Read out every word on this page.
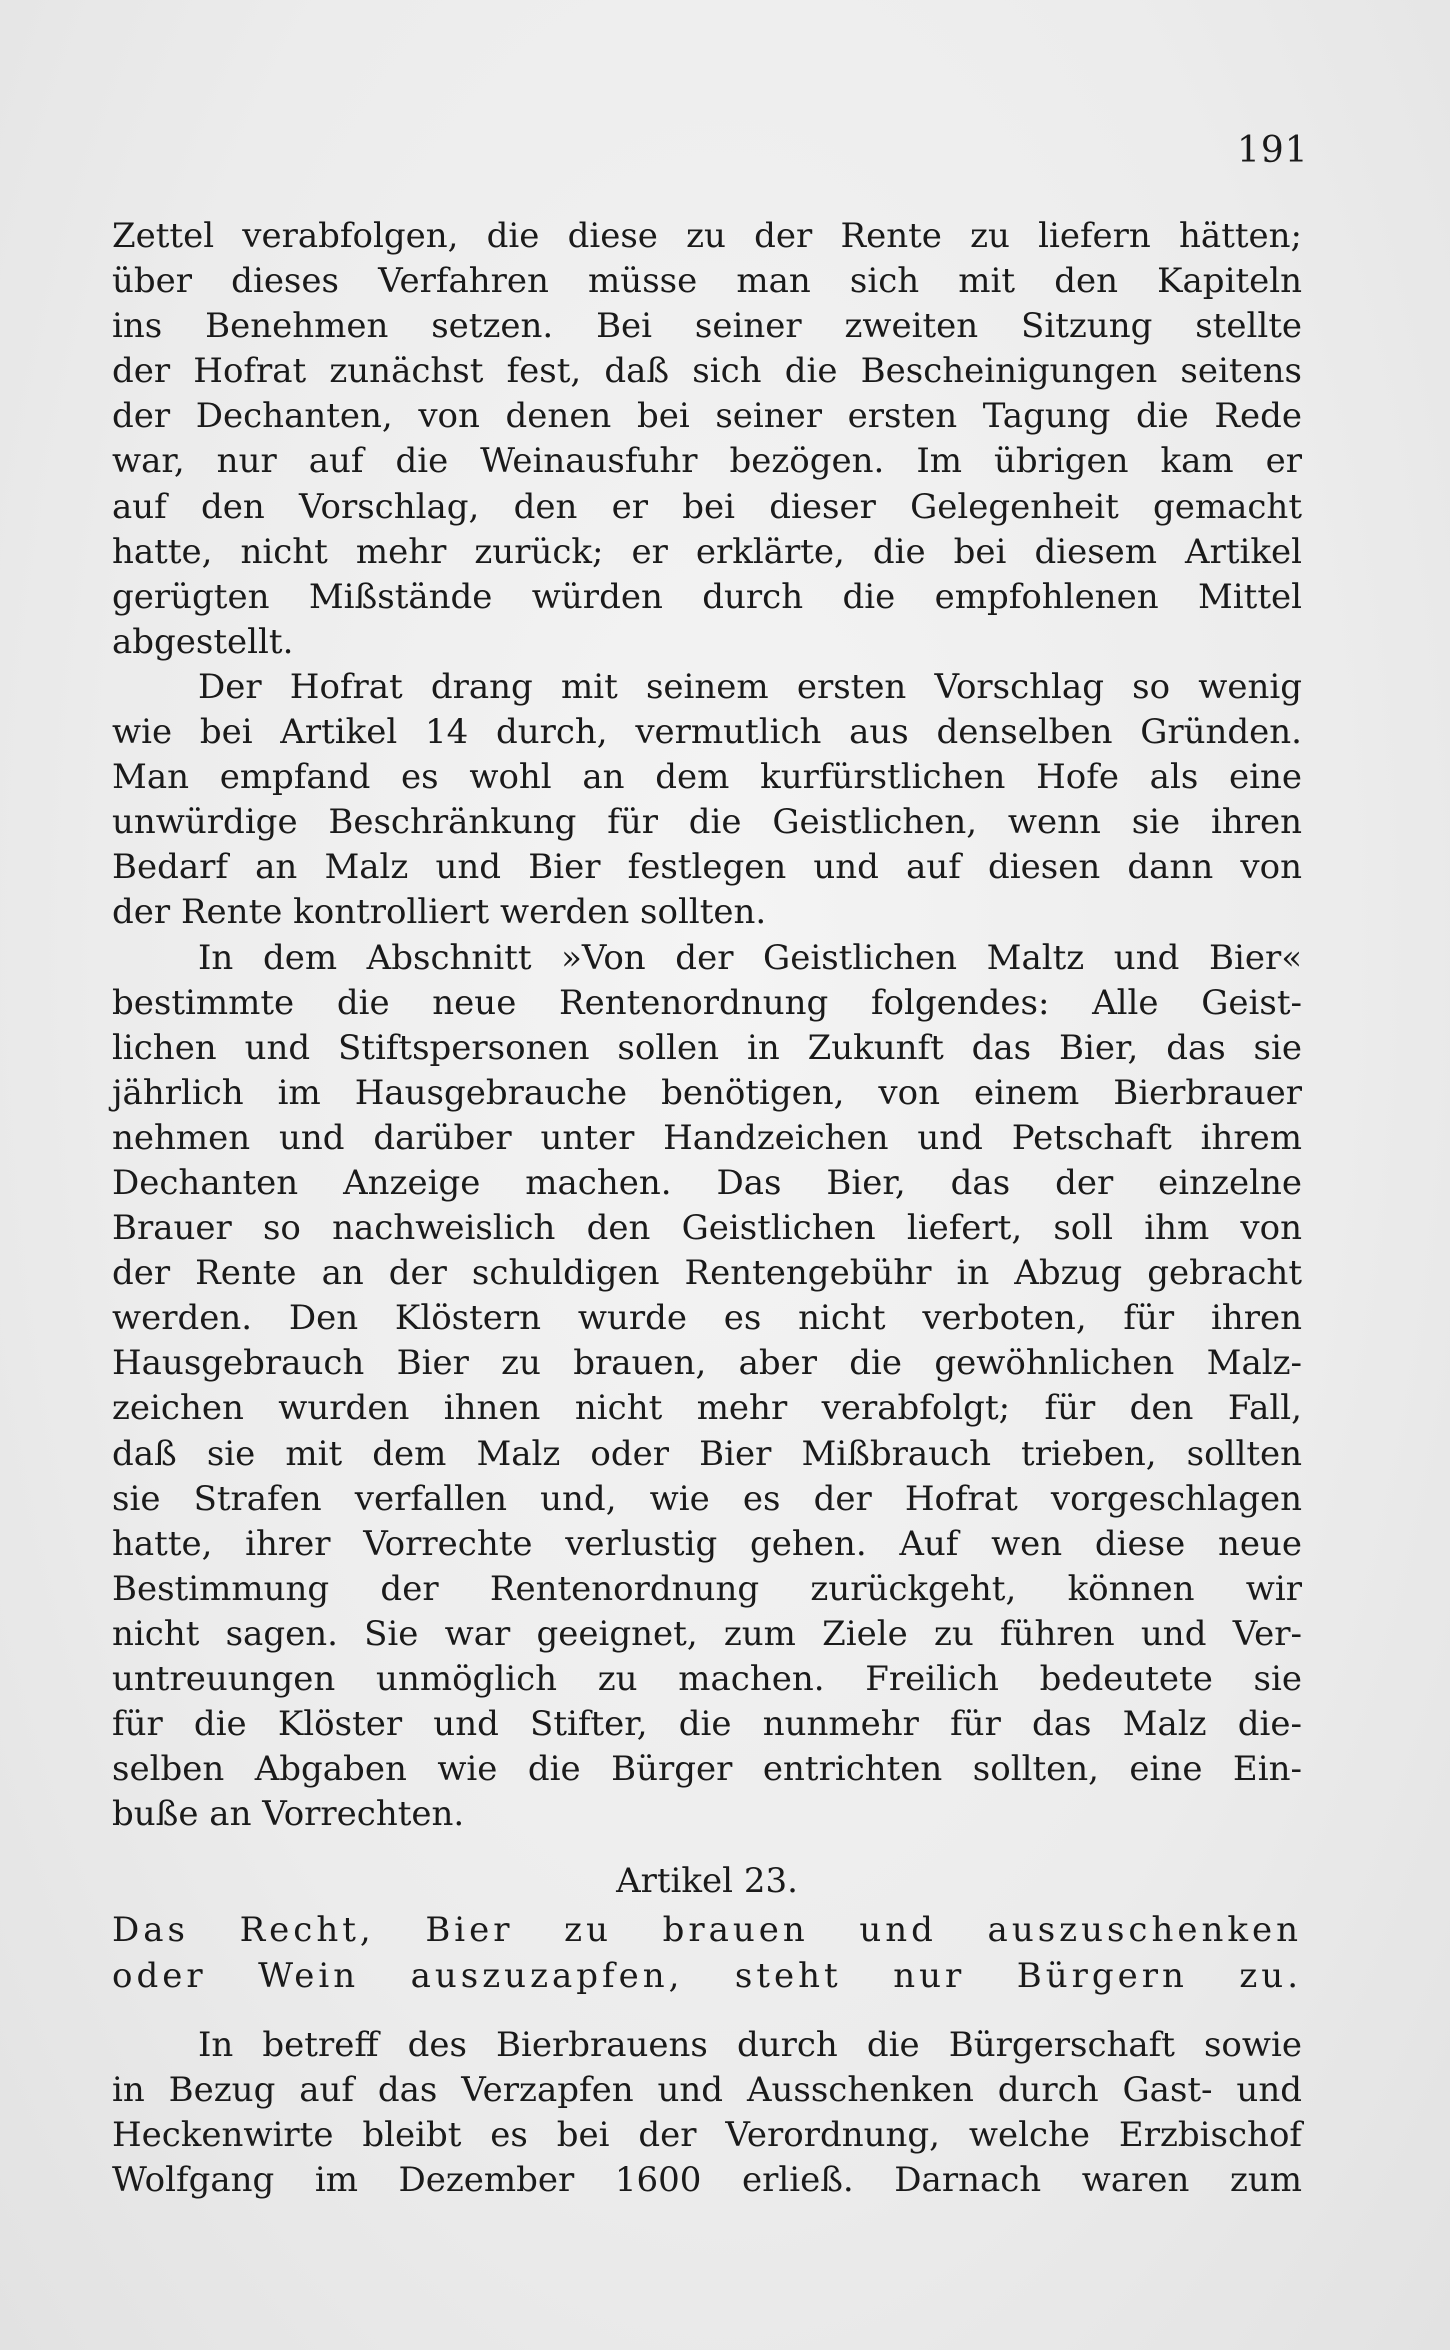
191
Zettel verabfolgen, die diese zu der Rente zu liefern hätten;
über dieses Verfahren müsse man sich mit den Kapiteln
ins Benehmen setzen. Bei seiner zweiten Sitzung stellte
der Hofrat zunächst fest, daß sich die Bescheinigungen seitens
der Dechanten, von denen bei seiner ersten Tagung die Rede
war, nur auf die Weinausfuhr bezögen. Im übrigen kam er
auf den Vorschlag, den er bei dieser Gelegenheit gemacht
hatte, nicht mehr zurück; er erklärte, die bei diesem Artikel
gerügten Mißstände würden durch die empfohlenen Mittel
abgestellt.
Der Hofrat drang mit seinem ersten Vorschlag so wenig
wie bei Artikel 14 durch, vermutlich aus denselben Gründen.
Man empfand es wohl an dem kurfürstlichen Hofe als eine
unwürdige Beschränkung für die Geistlichen, wenn sie ihren
Bedarf an Malz und Bier festlegen und auf diesen dann von
der Rente kontrolliert werden sollten.
In dem Abschnitt »Von der Geistlichen Maltz und Bier«
bestimmte die neue Rentenordnung folgendes: Alle Geist-
lichen und Stiftspersonen sollen in Zukunft das Bier, das sie
jährlich im Hausgebrauche benötigen, von einem Bierbrauer
nehmen und darüber unter Handzeichen und Petschaft ihrem
Dechanten Anzeige machen. Das Bier, das der einzelne
Brauer so nachweislich den Geistlichen liefert, soll ihm von
der Rente an der schuldigen Rentengebühr in Abzug gebracht
werden. Den Klöstern wurde es nicht verboten, für ihren
Hausgebrauch Bier zu brauen, aber die gewöhnlichen Malz-
zeichen wurden ihnen nicht mehr verabfolgt; für den Fall,
daß sie mit dem Malz oder Bier Mißbrauch trieben, sollten
sie Strafen verfallen und, wie es der Hofrat vorgeschlagen
hatte, ihrer Vorrechte verlustig gehen. Auf wen diese neue
Bestimmung der Rentenordnung zurückgeht, können wir
nicht sagen. Sie war geeignet, zum Ziele zu führen und Ver-
untreuungen unmöglich zu machen. Freilich bedeutete sie
für die Klöster und Stifter, die nunmehr für das Malz die-
selben Abgaben wie die Bürger entrichten sollten, eine Ein-
buße an Vorrechten.
Artikel 23.
Das Recht, Bier zu brauen und auszuschenken
oder Wein auszuzapfen, steht nur Bürgern zu.
In betreff des Bierbrauens durch die Bürgerschaft sowie
in Bezug auf das Verzapfen und Ausschenken durch Gast- und
Heckenwirte bleibt es bei der Verordnung, welche Erzbischof
Wolfgang im Dezember 1600 erließ. Darnach waren zum
